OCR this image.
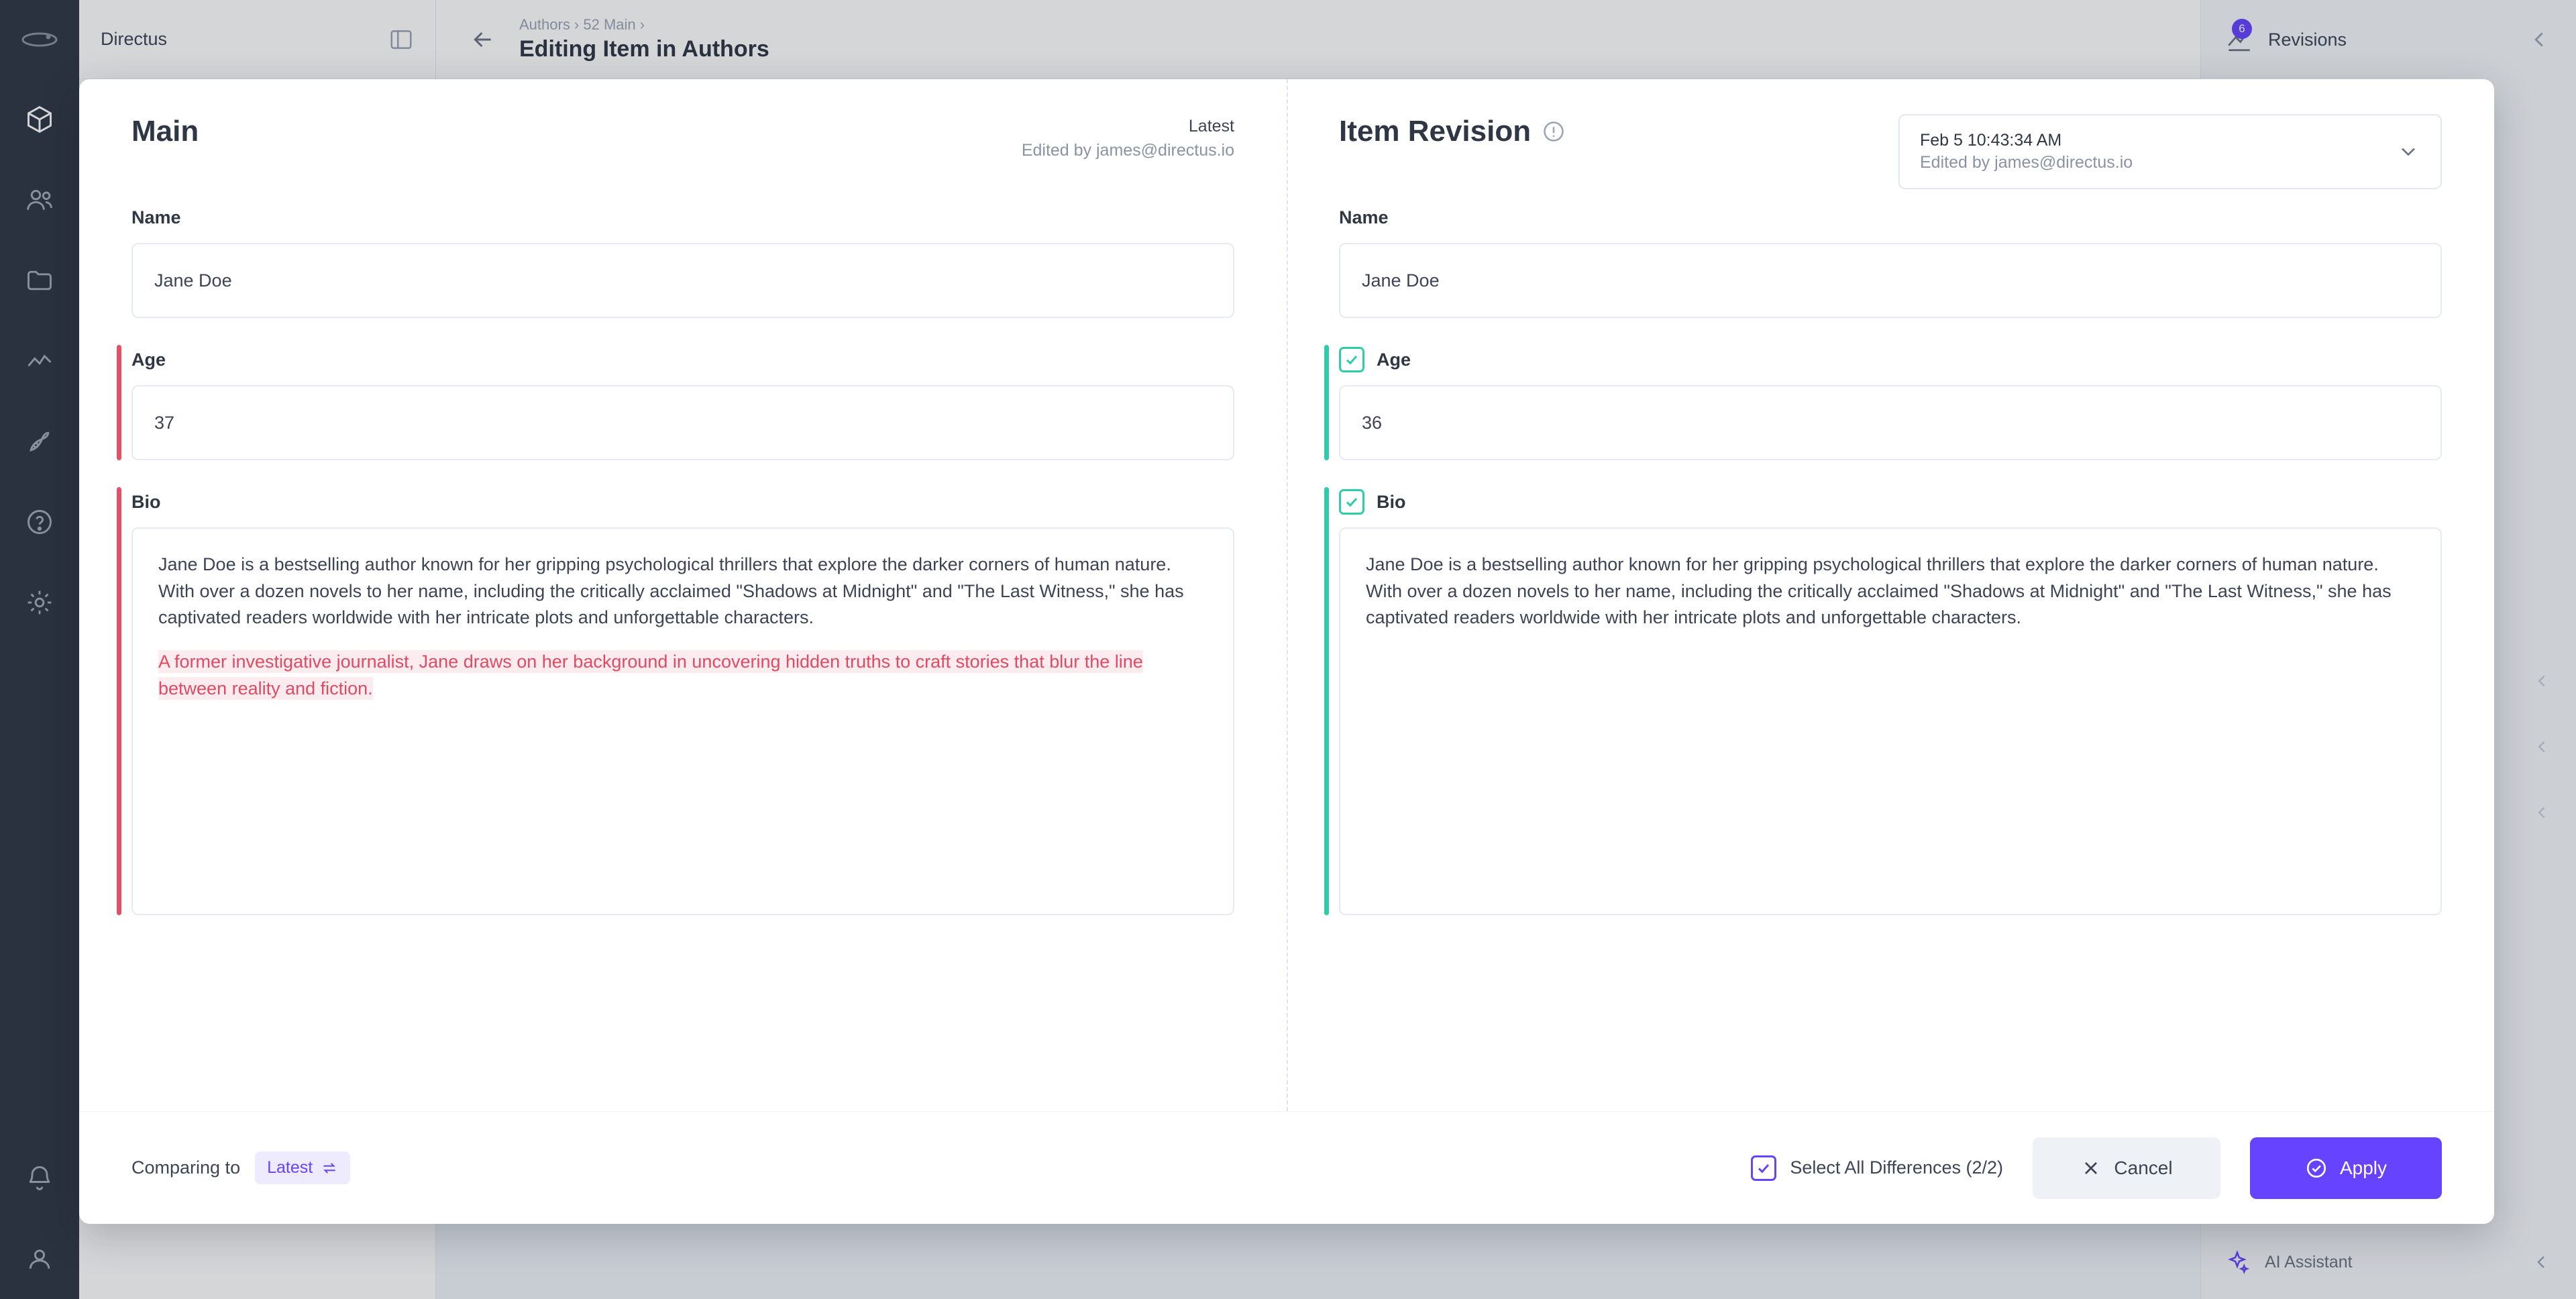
Directus
Authors › 52 Main ›
Editing Item in Authors
6
Revisions
AI Assistant
Main	Latest
Edited by james@directus.io
Name
Jane Doe
Age
37
Bio

Jane Doe is a bestselling author known for her gripping psychological thrillers that explore the darker corners of human nature. With over a dozen novels to her name, including the critically acclaimed "Shadows at Midnight" and "The Last Witness," she has captivated readers worldwide with her intricate plots and unforgettable characters.

A former investigative journalist, Jane draws on her background in uncovering hidden truths to craft stories that blur the line between reality and fiction.

Item Revision	Feb 5 10:43:34 AM
Edited by james@directus.io
Name
Jane Doe
Age
36
Bio

Jane Doe is a bestselling author known for her gripping psychological thrillers that explore the darker corners of human nature. With over a dozen novels to her name, including the critically acclaimed "Shadows at Midnight" and "The Last Witness," she has captivated readers worldwide with her intricate plots and unforgettable characters.

Comparing to Latest	Select All Differences (2/2)	Cancel	Apply
